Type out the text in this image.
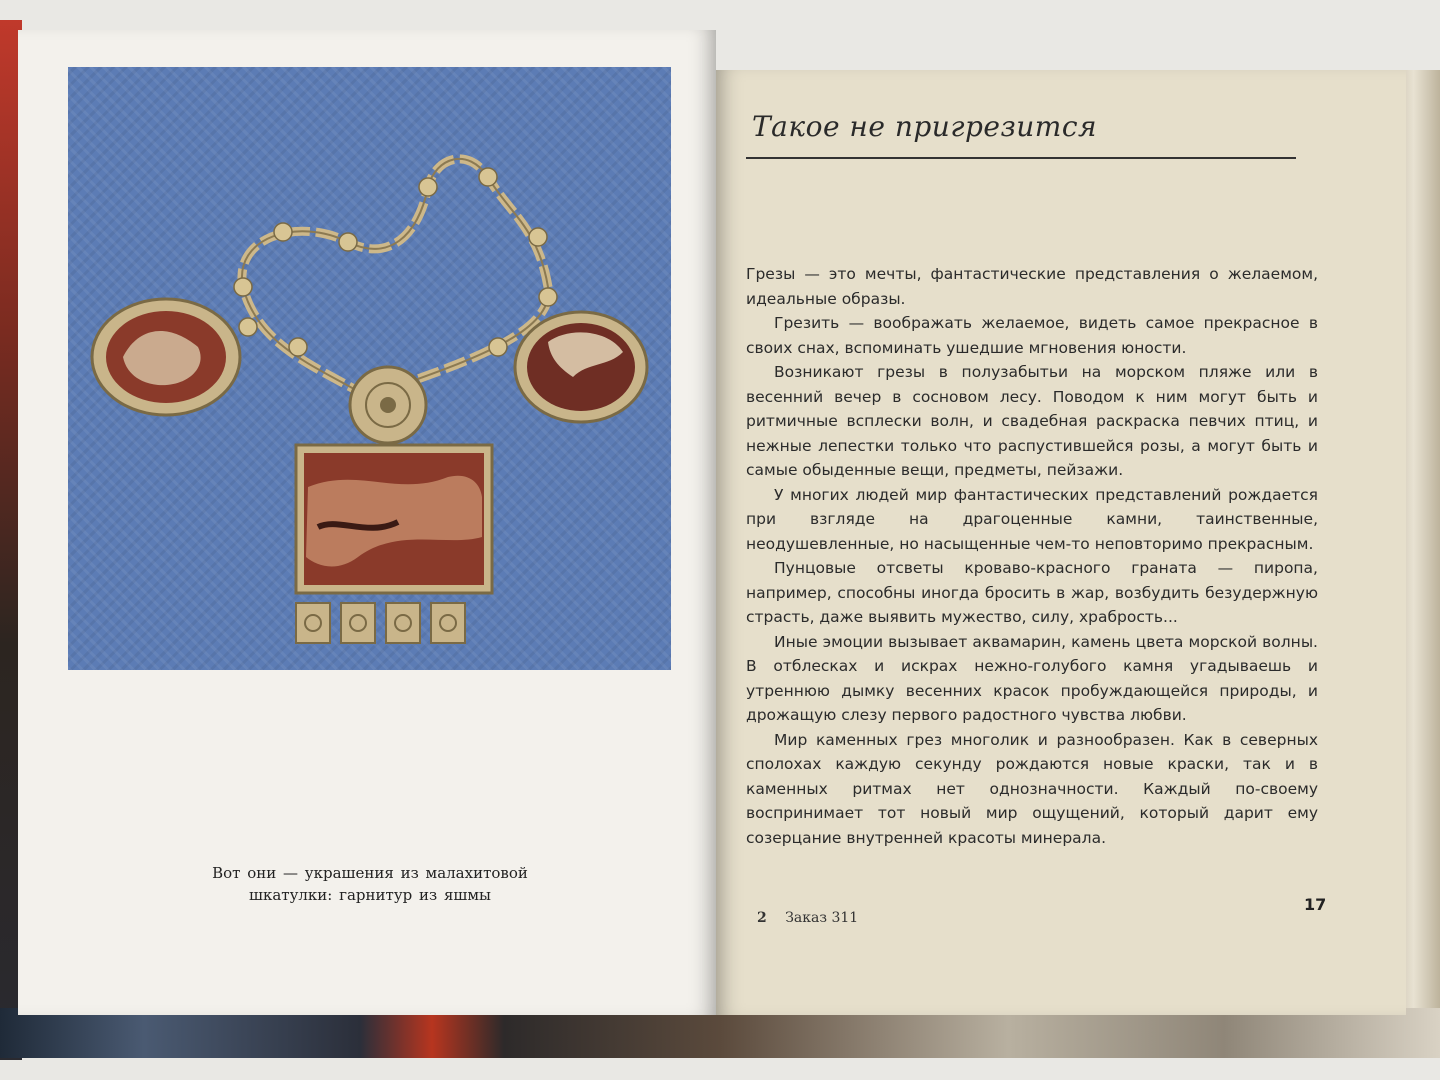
Вот они — украшения из малахитовой
шкатулки: гарнитур из яшмы
Такое не пригрезится

Грезы — это мечты, фантастические представления о желаемом, идеальные образы.

Грезить — воображать желаемое, видеть самое прекрасное в своих снах, вспоминать ушедшие мгновения юности.

Возникают грезы в полузабытьи на морском пляже или в весенний вечер в сосновом лесу. Поводом к ним могут быть и ритмичные всплески волн, и свадебная раскраска певчих птиц, и нежные лепестки только что распустившейся розы, а могут быть и самые обыденные вещи, предметы, пейзажи.

У многих людей мир фантастических представлений рождается при взгляде на драгоценные камни, таинственные, неодушевленные, но насыщенные чем-то неповторимо прекрасным.

Пунцовые отсветы кроваво-красного граната — пиропа, например, способны иногда бросить в жар, возбудить безудержную страсть, даже выявить мужество, силу, храбрость...

Иные эмоции вызывает аквамарин, камень цвета морской волны. В отблесках и искрах нежно-голубого камня угадываешь и утреннюю дымку весенних красок пробуждающейся природы, и дрожащую слезу первого радостного чувства любви.

Мир каменных грез многолик и разнообразен. Как в северных сполохах каждую секунду рождаются новые краски, так и в каменных ритмах нет однозначности. Каждый по-своему воспринимает тот новый мир ощущений, который дарит ему созерцание внутренней красоты минерала.

2 Заказ 311
17
